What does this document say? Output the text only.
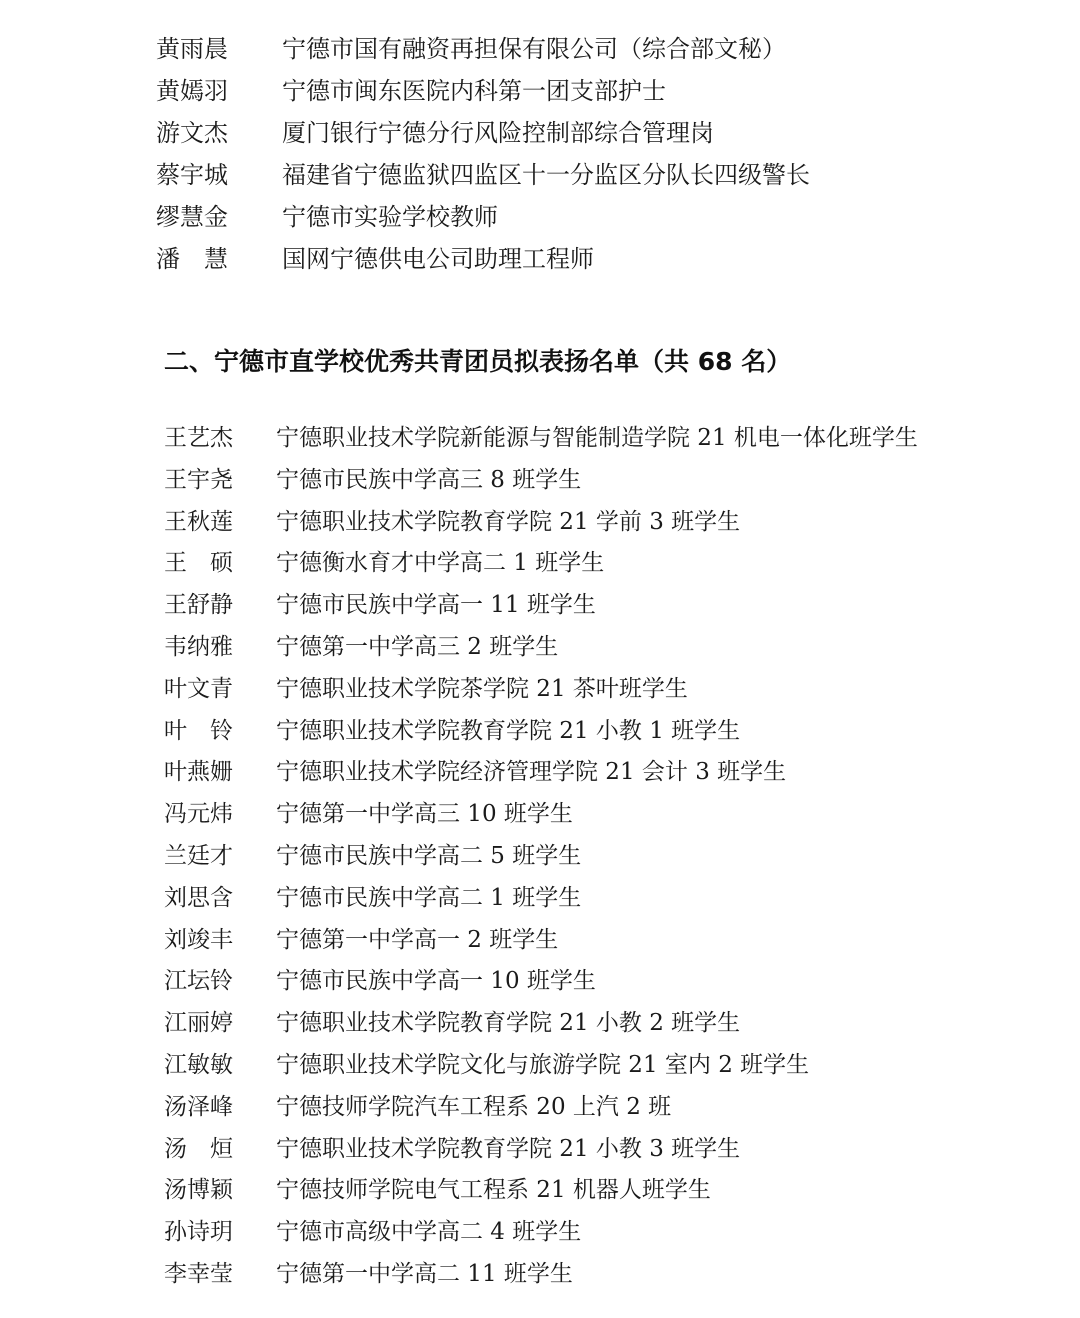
黄雨晨	宁德市国有融资再担保有限公司（综合部文秘）
黄嫣羽	宁德市闽东医院内科第一团支部护士
游文杰	厦门银行宁德分行风险控制部综合管理岗
蔡宇城	福建省宁德监狱四监区十一分监区分队长四级警长
缪慧金	宁德市实验学校教师
潘　慧	国网宁德供电公司助理工程师
二、宁德市直学校优秀共青团员拟表扬名单（共 68 名）
王艺杰	宁德职业技术学院新能源与智能制造学院 21 机电一体化班学生
王宇尧	宁德市民族中学高三 8 班学生
王秋莲	宁德职业技术学院教育学院 21 学前 3 班学生
王　硕	宁德衡水育才中学高二 1 班学生
王舒静	宁德市民族中学高一 11 班学生
韦纳雅	宁德第一中学高三 2 班学生
叶文青	宁德职业技术学院茶学院 21 茶叶班学生
叶　铃	宁德职业技术学院教育学院 21 小教 1 班学生
叶燕姗	宁德职业技术学院经济管理学院 21 会计 3 班学生
冯元炜	宁德第一中学高三 10 班学生
兰廷才	宁德市民族中学高二 5 班学生
刘思含	宁德市民族中学高二 1 班学生
刘竣丰	宁德第一中学高一 2 班学生
江坛铃	宁德市民族中学高一 10 班学生
江丽婷	宁德职业技术学院教育学院 21 小教 2 班学生
江敏敏	宁德职业技术学院文化与旅游学院 21 室内 2 班学生
汤泽峰	宁德技师学院汽车工程系 20 上汽 2 班
汤　烜	宁德职业技术学院教育学院 21 小教 3 班学生
汤博颖	宁德技师学院电气工程系 21 机器人班学生
孙诗玥	宁德市高级中学高二 4 班学生
李幸莹	宁德第一中学高二 11 班学生
